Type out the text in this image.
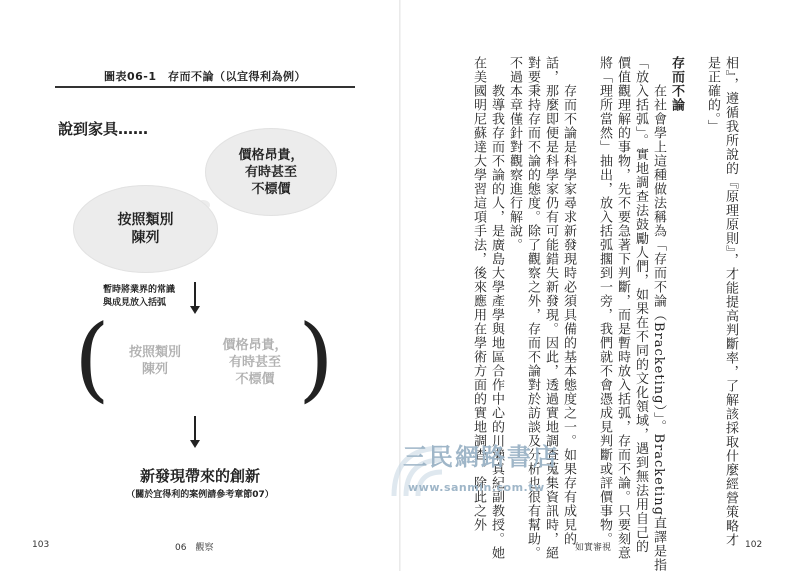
圖表06-1　存而不論（以宜得利為例）
說到家具……
價格昂貴，
有時甚至
不標價
按照類別
陳列
暫時將業界的常識
與成見放入括弧
(	按照類別
陳列
價格昂貴，
有時甚至
不標價 )
新發現帶來的創新
（關於宜得利的案例請參考章節07）
103	06　觀察
相』，遵循我所說的『原理原則』，才能提高判斷率，了解該採取什麼經營策略才
是正確的。」
存而不論
　　在社會學上這種做法稱為「存而不論（Bracketing）」。Bracketing直譯是指
「放入括弧」。實地調查法鼓勵人們，如果在不同的文化領域，遇到無法用自己的
價值觀理解的事物，先不要急著下判斷，而是暫時放入括弧，存而不論。只要刻意
將「理所當然」抽出，放入括弧擱到一旁，我們就不會憑成見判斷或評價事物。
　　存而不論是科學家尋求新發現時必須具備的基本態度之一。如果存有成見的
話，那麼即便是科學家仍有可能錯失新發現。因此，透過實地調查蒐集資訊時，絕
對要秉持存而不論的態度。除了觀察之外，存而不論對於訪談及分析也很有幫助。
不過本章僅針對觀察進行解說。
　　教導我存而不論的人，是廣島大學產學與地區合作中心的川瀨真紀副教授。她
在美國明尼蘇達大學習這項手法，後來應用在學術方面的實地調查。除此之外
如實審視	102
三民網路書店
www.sanmin.com.tw
